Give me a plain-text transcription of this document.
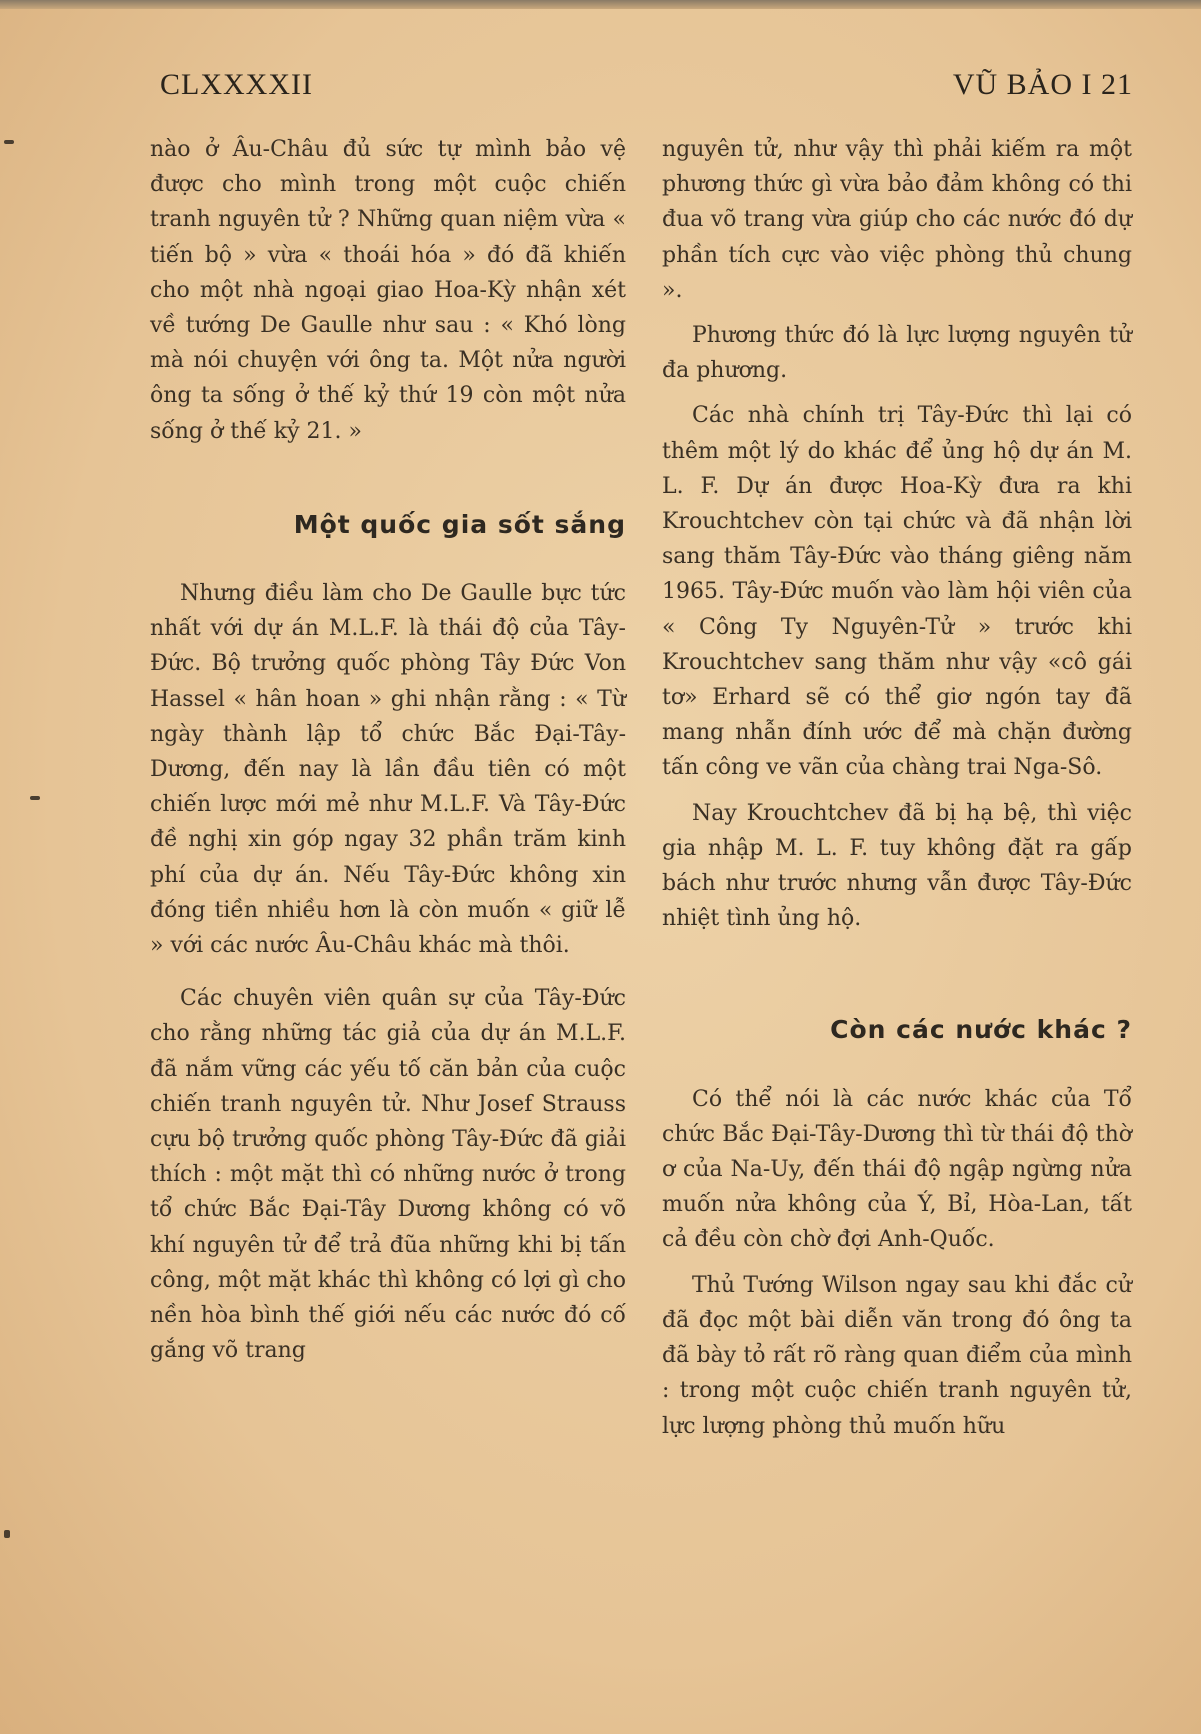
CLXXXXII	VŨ BẢO I 21

nào ở Âu-Châu đủ sức tự mình bảo vệ được cho mình trong một cuộc chiến tranh nguyên tử ? Những quan niệm vừa « tiến bộ » vừa « thoái hóa » đó đã khiến cho một nhà ngoại giao Hoa-Kỳ nhận xét về tướng De Gaulle như sau : « Khó lòng mà nói chuyện với ông ta. Một nửa người ông ta sống ở thế kỷ thứ 19 còn một nửa sống ở thế kỷ 21. »

Một quốc gia sốt sắng

Nhưng điều làm cho De Gaulle bực tức nhất với dự án M.L.F. là thái độ của Tây-Đức. Bộ trưởng quốc phòng Tây Đức Von Hassel « hân hoan » ghi nhận rằng : « Từ ngày thành lập tổ chức Bắc Đại-Tây-Dương, đến nay là lần đầu tiên có một chiến lược mới mẻ như M.L.F. Và Tây-Đức đề nghị xin góp ngay 32 phần trăm kinh phí của dự án. Nếu Tây-Đức không xin đóng tiền nhiều hơn là còn muốn « giữ lễ » với các nước Âu-Châu khác mà thôi.

Các chuyên viên quân sự của Tây-Đức cho rằng những tác giả của dự án M.L.F. đã nắm vững các yếu tố căn bản của cuộc chiến tranh nguyên tử. Như Josef Strauss cựu bộ trưởng quốc phòng Tây-Đức đã giải thích : một mặt thì có những nước ở trong tổ chức Bắc Đại-Tây Dương không có võ khí nguyên tử để trả đũa những khi bị tấn công, một mặt khác thì không có lợi gì cho nền hòa bình thế giới nếu các nước đó cố gắng võ trang

nguyên tử, như vậy thì phải kiếm ra một phương thức gì vừa bảo đảm không có thi đua võ trang vừa giúp cho các nước đó dự phần tích cực vào việc phòng thủ chung ».

Phương thức đó là lực lượng nguyên tử đa phương.

Các nhà chính trị Tây-Đức thì lại có thêm một lý do khác để ủng hộ dự án M. L. F. Dự án được Hoa-Kỳ đưa ra khi Krouchtchev còn tại chức và đã nhận lời sang thăm Tây-Đức vào tháng giêng năm 1965. Tây-Đức muốn vào làm hội viên của « Công Ty Nguyên-Tử » trước khi Krouchtchev sang thăm như vậy «cô gái tơ» Erhard sẽ có thể giơ ngón tay đã mang nhẫn đính ước để mà chặn đường tấn công ve vãn của chàng trai Nga-Sô.

Nay Krouchtchev đã bị hạ bệ, thì việc gia nhập M. L. F. tuy không đặt ra gấp bách như trước nhưng vẫn được Tây-Đức nhiệt tình ủng hộ.

Còn các nước khác ?

Có thể nói là các nước khác của Tổ chức Bắc Đại-Tây-Dương thì từ thái độ thờ ơ của Na-Uy, đến thái độ ngập ngừng nửa muốn nửa không của Ý, Bỉ, Hòa-Lan, tất cả đều còn chờ đợi Anh-Quốc.

Thủ Tướng Wilson ngay sau khi đắc cử đã đọc một bài diễn văn trong đó ông ta đã bày tỏ rất rõ ràng quan điểm của mình : trong một cuộc chiến tranh nguyên tử, lực lượng phòng thủ muốn hữu
